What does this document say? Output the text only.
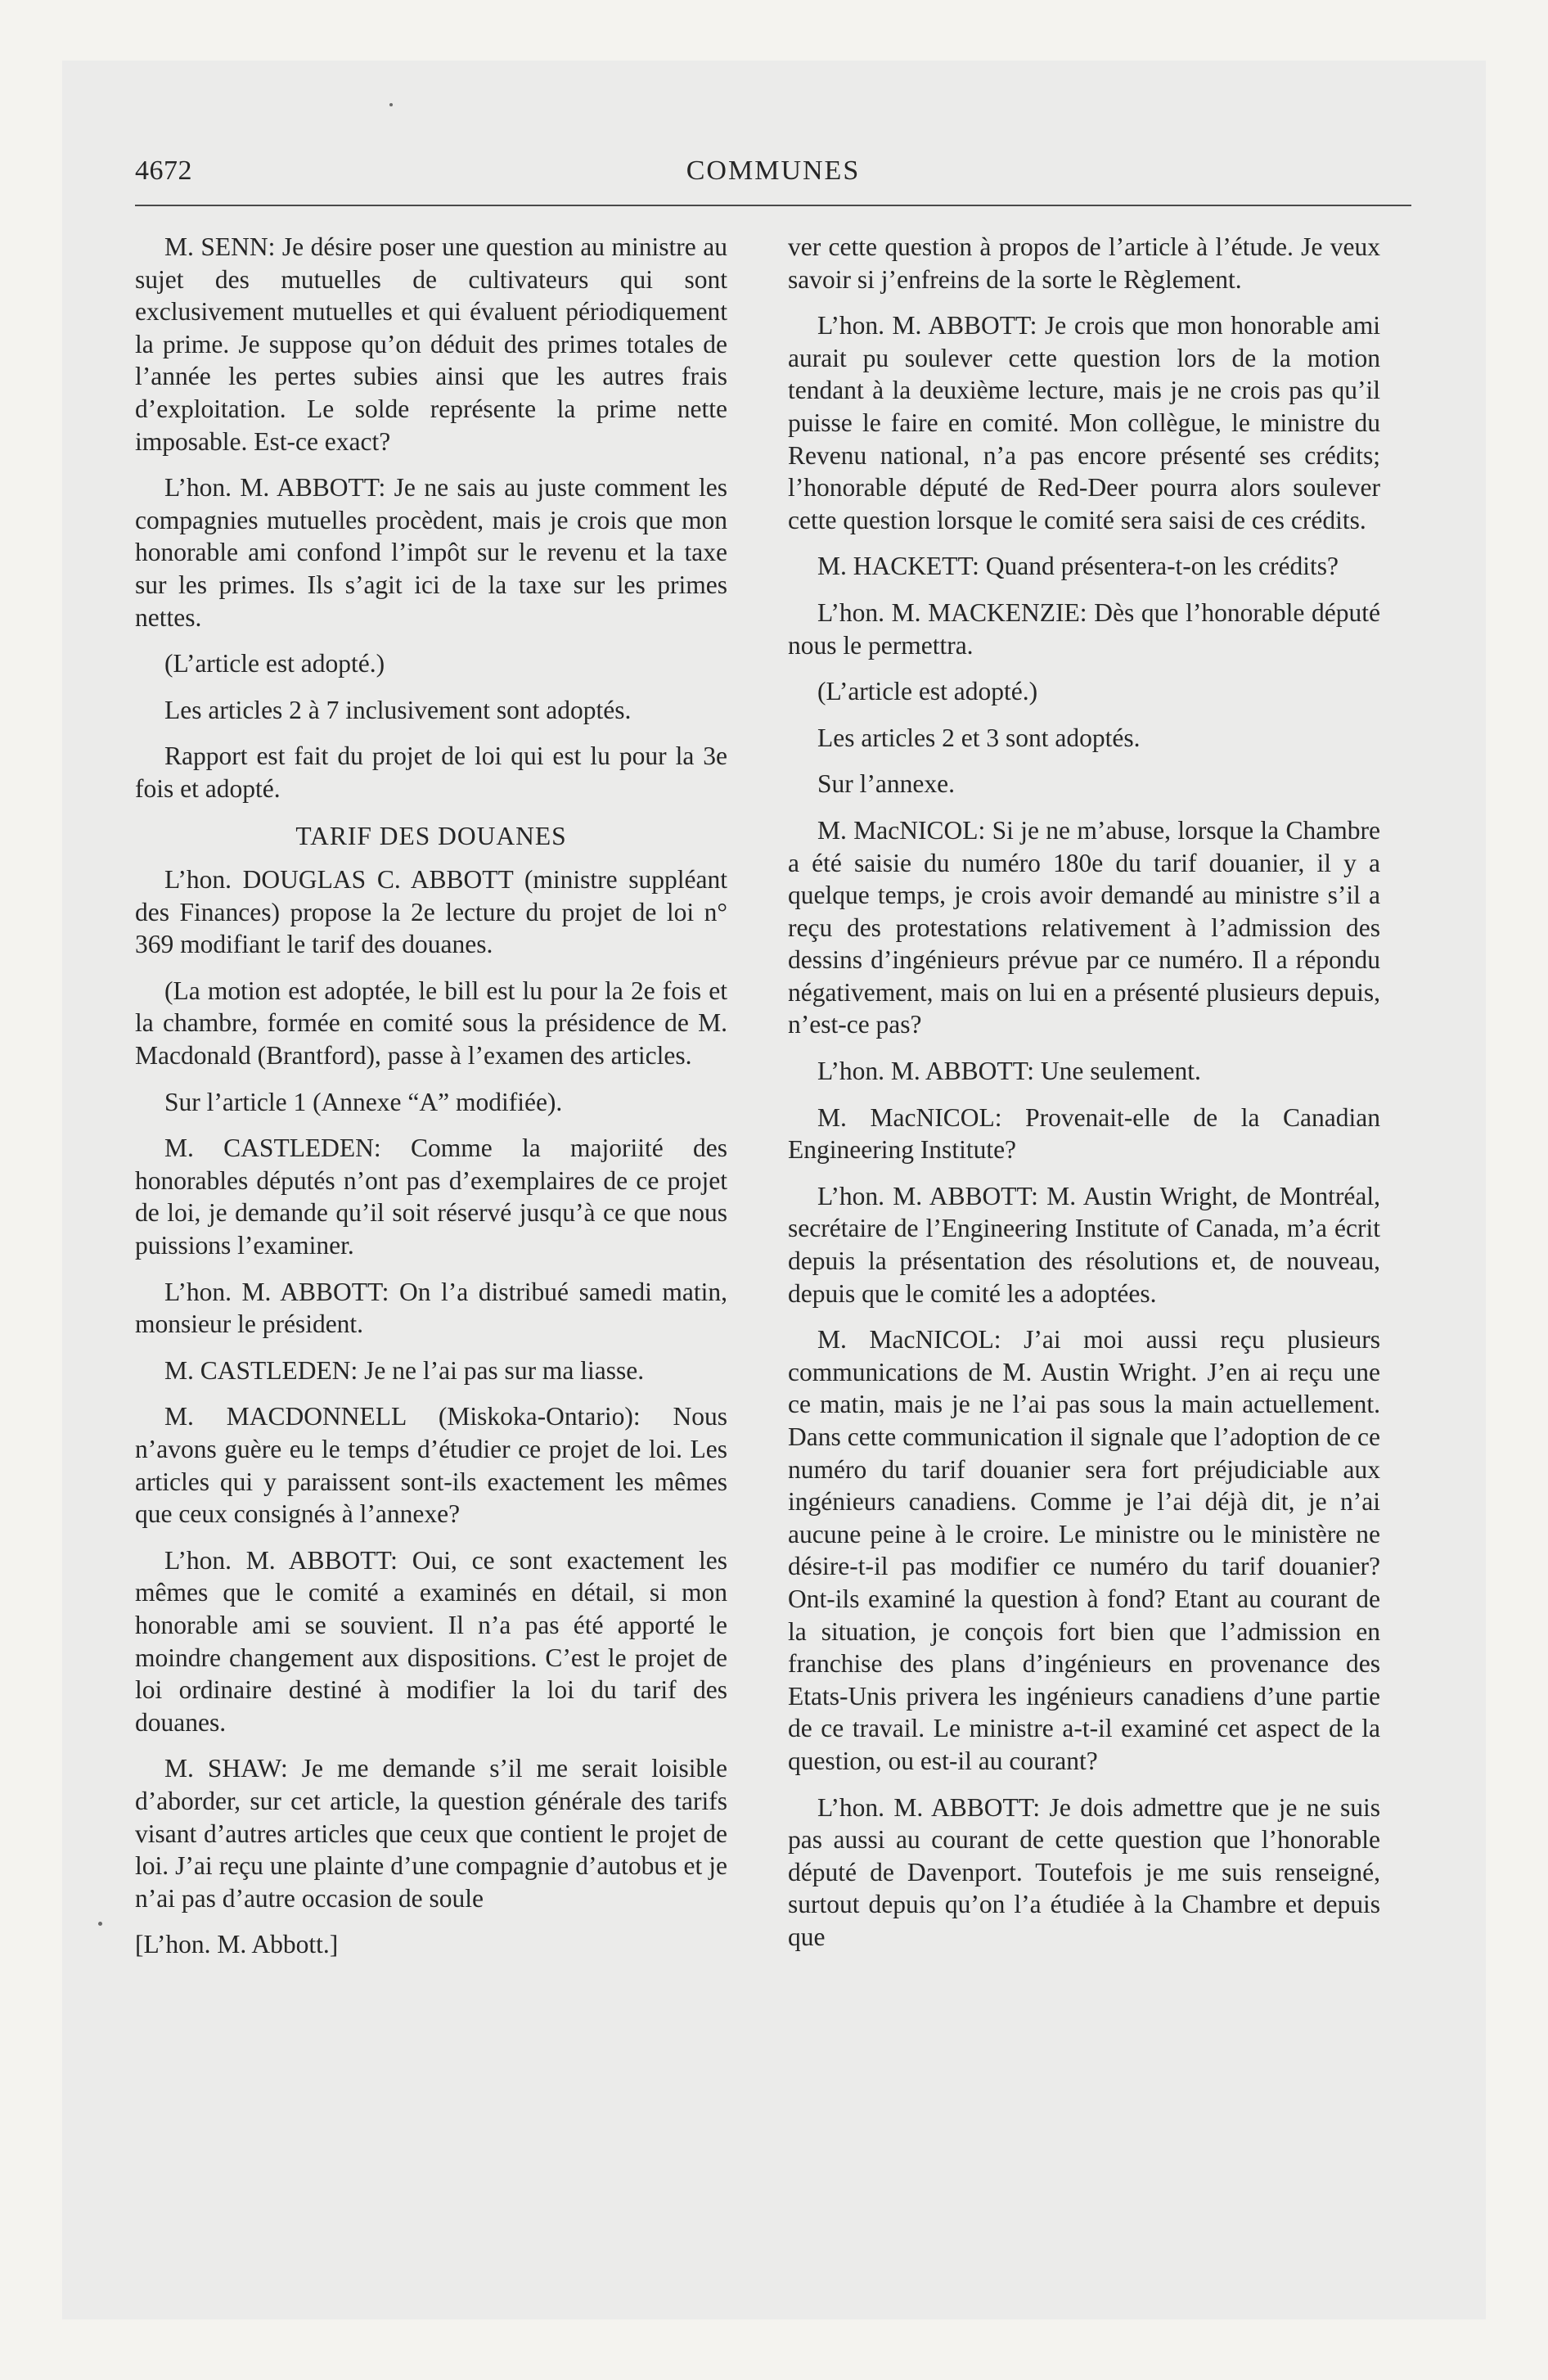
4672	COMMUNES

M. SENN: Je désire poser une question au ministre au sujet des mutuelles de cultivateurs qui sont exclusivement mutuelles et qui évaluent périodiquement la prime. Je suppose qu’on déduit des primes totales de l’année les pertes subies ainsi que les autres frais d’exploitation. Le solde représente la prime nette imposable. Est-ce exact?

L’hon. M. ABBOTT: Je ne sais au juste comment les compagnies mutuelles procèdent, mais je crois que mon honorable ami confond l’impôt sur le revenu et la taxe sur les primes. Ils s’agit ici de la taxe sur les primes nettes.

(L’article est adopté.)

Les articles 2 à 7 inclusivement sont adoptés.

Rapport est fait du projet de loi qui est lu pour la 3e fois et adopté.

TARIF DES DOUANES

L’hon. DOUGLAS C. ABBOTT (ministre suppléant des Finances) propose la 2e lecture du projet de loi n° 369 modifiant le tarif des douanes.

(La motion est adoptée, le bill est lu pour la 2e fois et la chambre, formée en comité sous la présidence de M. Macdonald (Brantford), passe à l’examen des articles.

Sur l’article 1 (Annexe “A” modifiée).

M. CASTLEDEN: Comme la majoriité des honorables députés n’ont pas d’exemplaires de ce projet de loi, je demande qu’il soit réservé jusqu’à ce que nous puissions l’examiner.

L’hon. M. ABBOTT: On l’a distribué samedi matin, monsieur le président.

M. CASTLEDEN: Je ne l’ai pas sur ma liasse.

M. MACDONNELL (Miskoka-Ontario): Nous n’avons guère eu le temps d’étudier ce projet de loi. Les articles qui y paraissent sont-ils exactement les mêmes que ceux consignés à l’annexe?

L’hon. M. ABBOTT: Oui, ce sont exactement les mêmes que le comité a examinés en détail, si mon honorable ami se souvient. Il n’a pas été apporté le moindre changement aux dispositions. C’est le projet de loi ordinaire destiné à modifier la loi du tarif des douanes.

M. SHAW: Je me demande s’il me serait loisible d’aborder, sur cet article, la question générale des tarifs visant d’autres articles que ceux que contient le projet de loi. J’ai reçu une plainte d’une compagnie d’autobus et je n’ai pas d’autre occasion de soule

[L’hon. M. Abbott.]

ver cette question à propos de l’article à l’étude. Je veux savoir si j’enfreins de la sorte le Règlement.

L’hon. M. ABBOTT: Je crois que mon honorable ami aurait pu soulever cette question lors de la motion tendant à la deuxième lecture, mais je ne crois pas qu’il puisse le faire en comité. Mon collègue, le ministre du Revenu national, n’a pas encore présenté ses crédits; l’honorable député de Red-Deer pourra alors soulever cette question lorsque le comité sera saisi de ces crédits.

M. HACKETT: Quand présentera-t-on les crédits?

L’hon. M. MACKENZIE: Dès que l’honorable député nous le permettra.

(L’article est adopté.)

Les articles 2 et 3 sont adoptés.

Sur l’annexe.

M. MacNICOL: Si je ne m’abuse, lorsque la Chambre a été saisie du numéro 180e du tarif douanier, il y a quelque temps, je crois avoir demandé au ministre s’il a reçu des protestations relativement à l’admission des dessins d’ingénieurs prévue par ce numéro. Il a répondu négativement, mais on lui en a présenté plusieurs depuis, n’est-ce pas?

L’hon. M. ABBOTT: Une seulement.

M. MacNICOL: Provenait-elle de la Canadian Engineering Institute?

L’hon. M. ABBOTT: M. Austin Wright, de Montréal, secrétaire de l’Engineering Institute of Canada, m’a écrit depuis la présentation des résolutions et, de nouveau, depuis que le comité les a adoptées.

M. MacNICOL: J’ai moi aussi reçu plusieurs communications de M. Austin Wright. J’en ai reçu une ce matin, mais je ne l’ai pas sous la main actuellement. Dans cette communication il signale que l’adoption de ce numéro du tarif douanier sera fort préjudiciable aux ingénieurs canadiens. Comme je l’ai déjà dit, je n’ai aucune peine à le croire. Le ministre ou le ministère ne désire-t-il pas modifier ce numéro du tarif douanier? Ont-ils examiné la question à fond? Etant au courant de la situation, je conçois fort bien que l’admission en franchise des plans d’ingénieurs en provenance des Etats-Unis privera les ingénieurs canadiens d’une partie de ce travail. Le ministre a-t-il examiné cet aspect de la question, ou est-il au courant?

L’hon. M. ABBOTT: Je dois admettre que je ne suis pas aussi au courant de cette question que l’honorable député de Davenport. Toutefois je me suis renseigné, surtout depuis qu’on l’a étudiée à la Chambre et depuis que
